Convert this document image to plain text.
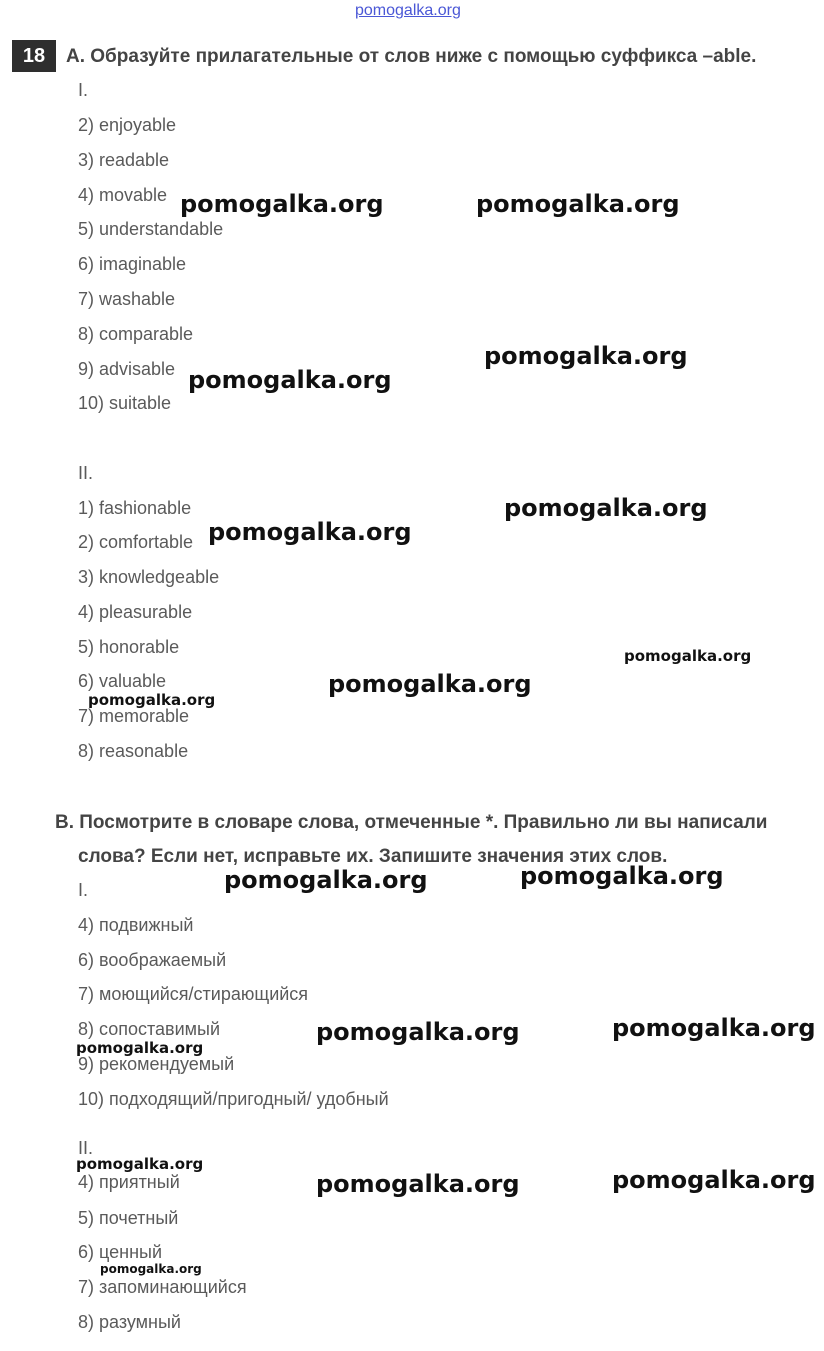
pomogalka.org
18	A. Образуйте прилагательные от слов ниже с помощью суффикса –able.
I.
2) enjoyable
3) readable
4) movable
5) understandable
6) imaginable
7) washable
8) comparable
9) advisable
10) suitable
II.
1) fashionable
2) comfortable
3) knowledgeable
4) pleasurable
5) honorable
6) valuable
7) memorable
8) reasonable
B. Посмотрите в словаре слова, отмеченные *. Правильно ли вы написали
слова? Если нет, исправьте их. Запишите значения этих слов.
I.
4) подвижный
6) воображаемый
7) моющийся/стирающийся
8) сопоставимый
9) рекомендуемый
10) подходящий/пригодный/ удобный
II.
4) приятный
5) почетный
6) ценный
7) запоминающийся
8) разумный
pomogalka.org	pomogalka.org
pomogalka.org
pomogalka.org
pomogalka.org
pomogalka.org
pomogalka.org
pomogalka.org
pomogalka.org
pomogalka.org
pomogalka.org
pomogalka.org
pomogalka.org
pomogalka.org
pomogalka.org
pomogalka.org
pomogalka.org
pomogalka.org
